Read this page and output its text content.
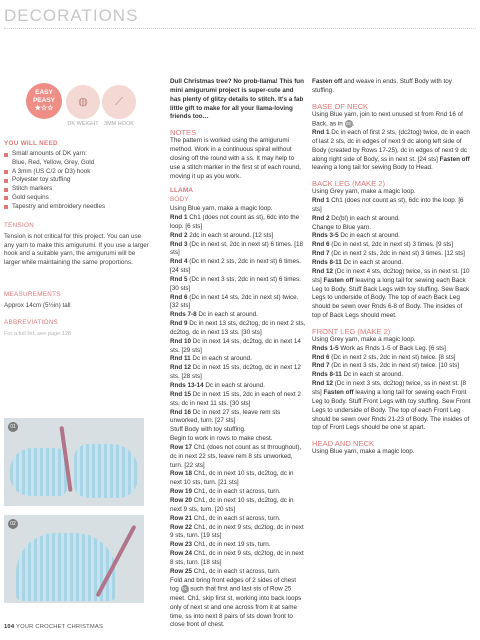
DECORATIONS
EASY
PEASY
★☆☆
◍	⟋
DK WEIGHT 3MM HOOK
YOU WILL NEED
Small amounts of DK yarn:
Blue, Red, Yellow, Grey, Gold
A 3mm (US C/2 or D3) hook
Polyester toy stuffing
Stitch markers
Gold sequins
Tapestry and embroidery needles
TENSION
Tension is not critical for this project. You can use any yarn to make this amigurumi. If you use a larger hook and a suitable yarn, the amigurumi will be larger while maintaining the same proportions.
MEASUREMENTS
Approx 14cm (5½in) tall
ABBREVIATIONS
For a full list, see page 128
01
02

Dull Christmas tree? No prob-llama! This fun mini amigurumi project is super-cute and has plenty of glitzy details to stitch. It's a fab little gift to make for all your llama-loving friends too…

NOTES

The pattern is worked using the amigurumi method. Work in a continuous spiral without closing off the round with a ss. It may help to use a stitch marker in the first st of each round, moving it up as you work.

LLAMA

BODY

Using Blue yarn, make a magic loop.

Rnd 1 Ch1 (does not count as st), 6dc into the loop. [6 sts]

Rnd 2 2dc in each st around. [12 sts]

Rnd 3 (Dc in next st, 2dc in next st) 6 times. [18 sts]

Rnd 4 (Dc in next 2 sts, 2dc in next st) 6 times. [24 sts]

Rnd 5 (Dc in next 3 sts, 2dc in next st) 6 times. [30 sts]

Rnd 6 (Dc in next 14 sts, 2dc in next st) twice. [32 sts]

Rnds 7-8 Dc in each st around.

Rnd 9 Dc in next 13 sts, dc2tog, dc in next 2 sts, dc2tog, dc in next 13 sts. [30 sts]

Rnd 10 Dc in next 14 sts, dc2tog, dc in next 14 sts. [29 sts]

Rnd 11 Dc in each st around.

Rnd 12 Dc in next 15 sts, dc2tog, dc in next 12 sts. [28 sts]

Rnds 13-14 Dc in each st around.

Rnd 15 Dc in next 15 sts, 2dc in each of next 2 sts, dc in next 11 sts. [30 sts]

Rnd 16 Dc in next 27 sts, leave rem sts unworked, turn. [27 sts]

Stuff Body with toy stuffing.

Begin to work in rows to make chest.

Row 17 Ch1 (does not count as st throughout), dc in next 22 sts, leave rem 8 sts unworked, turn. [22 sts]

Row 18 Ch1, dc in next 10 sts, dc2tog, dc in next 10 sts, turn. [21 sts]

Row 19 Ch1, dc in each st across, turn.

Row 20 Ch1, dc in next 10 sts, dc2tog, dc in next 9 sts, turn. [20 sts]

Row 21 Ch1, dc in each st across, turn.

Row 22 Ch1, dc in next 9 sts, dc2tog, dc in next 9 sts, turn. [19 sts]

Row 23 Ch1, dc in next 19 sts, turn.

Row 24 Ch1, dc in next 9 sts, dc2tog, dc in next 8 sts, turn. [18 sts]

Row 25 Ch1, dc in each st across, turn.

Fold and bring front edges of 2 sides of chest tog 01 such that first and last sts of Row 25 meet. Ch1, skip first st, working into back loops only of next st and one across from it at same time, ss into next 8 pairs of sts down front to close front of chest.

Fasten off and weave in ends. Stuff Body with toy stuffing.

BASE OF NECK

Using Blue yarn, join to next unused st from Rnd 16 of Back, as in 02 .

Rnd 1 Dc in each of first 2 sts, (dc2tog) twice, dc in each of last 2 sts, dc in edges of next 9 dc along left side of Body (created by Rows 17-25), dc in edges of next 9 dc along right side of Body, ss in next st. [24 sts] Fasten off leaving a long tail for sewing Body to Head.

BACK LEG (MAKE 2)

Using Grey yarn, make a magic loop.

Rnd 1 Ch1 (does not count as st), 6dc into the loop. [6 sts]

Rnd 2 Dc(bl) in each st around.

Change to Blue yarn.

Rnds 3-5 Dc in each st around.

Rnd 6 (Dc in next st, 2dc in next st) 3 times. [9 sts]

Rnd 7 (Dc in next 2 sts, 2dc in next st) 3 times. [12 sts]

Rnds 8-11 Dc in each st around.

Rnd 12 (Dc in next 4 sts, dc2tog) twice, ss in next st. [10 sts] Fasten off leaving a long tail for sewing each Back Leg to Body. Stuff Back Legs with toy stuffing. Sew Back Legs to underside of Body. The top of each Back Leg should be sewn over Rnds 6-8 of Body. The insides of top of Back Legs should meet.

FRONT LEG (MAKE 2)

Using Grey yarn, make a magic loop.

Rnds 1-5 Work as Rnds 1-5 of Back Leg. [6 sts]

Rnd 6 (Dc in next 2 sts, 2dc in next st) twice. [8 sts]

Rnd 7 (Dc in next 3 sts, 2dc in next st) twice. [10 sts]

Rnds 8-11 Dc in each st around.

Rnd 12 (Dc in next 3 sts, dc2tog) twice, ss in next st. [8 sts] Fasten off leaving a long tail for sewing each Front Leg to Body. Stuff Front Legs with toy stuffing. Sew Front Legs to underside of Body. The top of each Front Leg should be sewn over Rnds 21-23 of Body. The insides of top of Front Legs should be one st apart.

HEAD AND NECK

Using Blue yarn, make a magic loop.

104 YOUR CROCHET CHRISTMAS
